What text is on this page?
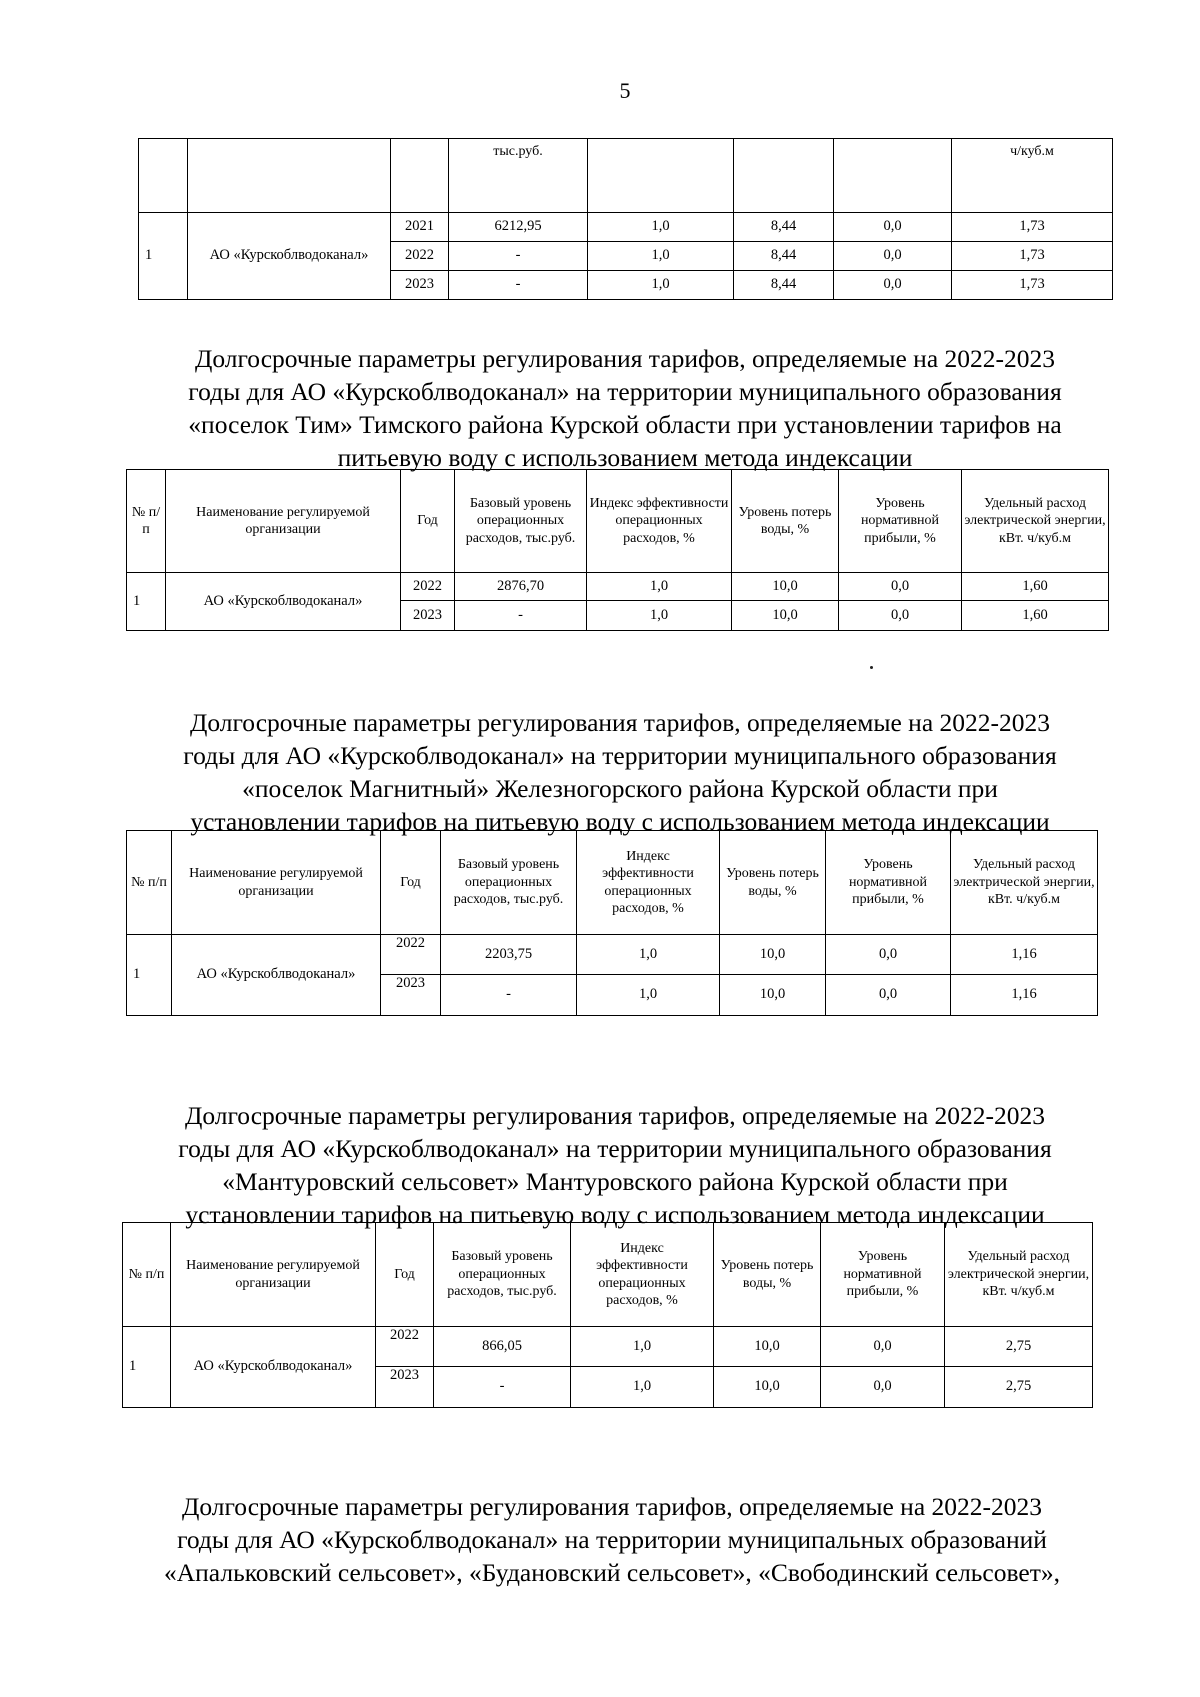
5
			тыс.руб.				ч/куб.м
1	АО «Курскоблводоканал»	2021	6212,95	1,0	8,44	0,0	1,73
		2022	-	1,0	8,44	0,0	1,73
		2023	-	1,0	8,44	0,0	1,73
Долгосрочные параметры регулирования тарифов, определяемые на 2022-2023
годы для АО «Курскоблводоканал» на территории муниципального образования
«поселок Тим» Тимского района Курской области при установлении тарифов на
питьевую воду с использованием метода индексации
№ п/п	Наименование регулируемой организации	Год	Базовый уровень операционных расходов, тыс.руб.	Индекс эффективности операционных расходов, %	Уровень потерь воды, %	Уровень нормативной прибыли, %	Удельный расход электрической энергии, кВт. ч/куб.м
1	АО «Курскоблводоканал»	2022	2876,70	1,0	10,0	0,0	1,60
		2023	-	1,0	10,0	0,0	1,60
Долгосрочные параметры регулирования тарифов, определяемые на 2022-2023
годы для АО «Курскоблводоканал» на территории муниципального образования
«поселок Магнитный» Железногорского района Курской области при
установлении тарифов на питьевую воду с использованием метода индексации
№ п/п	Наименование регулируемой организации	Год	Базовый уровень операционных расходов, тыс.руб.	Индекс эффективности операционных расходов, %	Уровень потерь воды, %	Уровень нормативной прибыли, %	Удельный расход электрической энергии, кВт. ч/куб.м
1	АО «Курскоблводоканал»	2022	2203,75	1,0	10,0	0,0	1,16
		2023	-	1,0	10,0	0,0	1,16
Долгосрочные параметры регулирования тарифов, определяемые на 2022-2023
годы для АО «Курскоблводоканал» на территории муниципального образования
«Мантуровский сельсовет» Мантуровского района Курской области при
установлении тарифов на питьевую воду с использованием метода индексации
№ п/п	Наименование регулируемой организации	Год	Базовый уровень операционных расходов, тыс.руб.	Индекс эффективности операционных расходов, %	Уровень потерь воды, %	Уровень нормативной прибыли, %	Удельный расход электрической энергии, кВт. ч/куб.м
1	АО «Курскоблводоканал»	2022	866,05	1,0	10,0	0,0	2,75
		2023	-	1,0	10,0	0,0	2,75
Долгосрочные параметры регулирования тарифов, определяемые на 2022-2023
годы для АО «Курскоблводоканал» на территории муниципальных образований
«Апальковский сельсовет», «Будановский сельсовет», «Свободинский сельсовет»,
